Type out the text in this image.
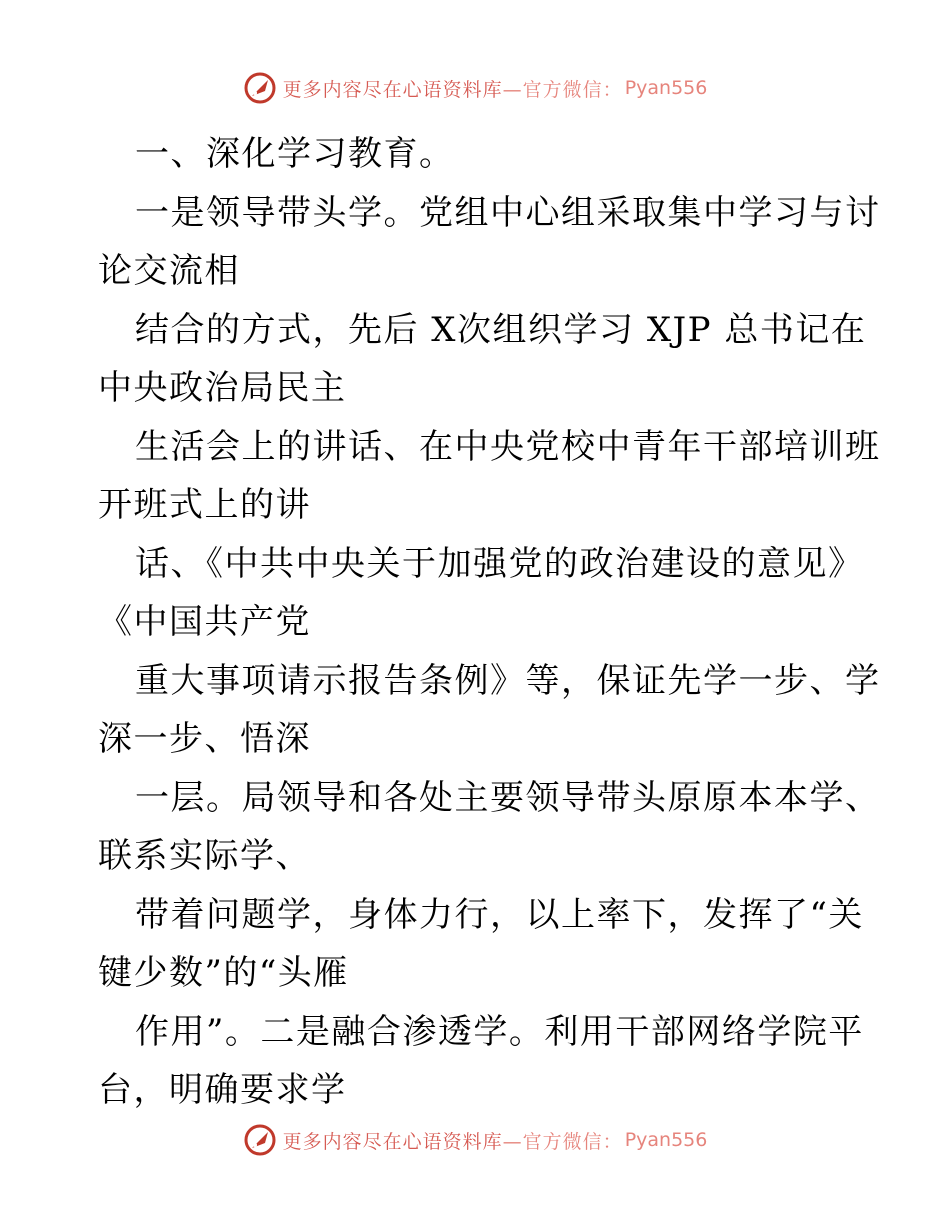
更多内容尽在心语资料库 —官方微信： Pyan556

一、深化学习教育。

一是领导带头学。党组中心组采取集中学习与讨
论交流相

结合的方式，先后 X次组织学习 XJP 总书记在
中央政治局民主

生活会上的讲话、在中央党校中青年干部培训班
开班式上的讲

话、《中共中央关于加强党的政治建设的意见》
《中国共产党

重大事项请示报告条例》等，保证先学一步、学
深一步、悟深

一层。局领导和各处主要领导带头原原本本学、
联系实际学、

带着问题学，身体力行，以上率下，发挥了“关
键少数”的“头雁

作用”。二是融合渗透学。利用干部网络学院平
台，明确要求学

更多内容尽在心语资料库 —官方微信： Pyan556
